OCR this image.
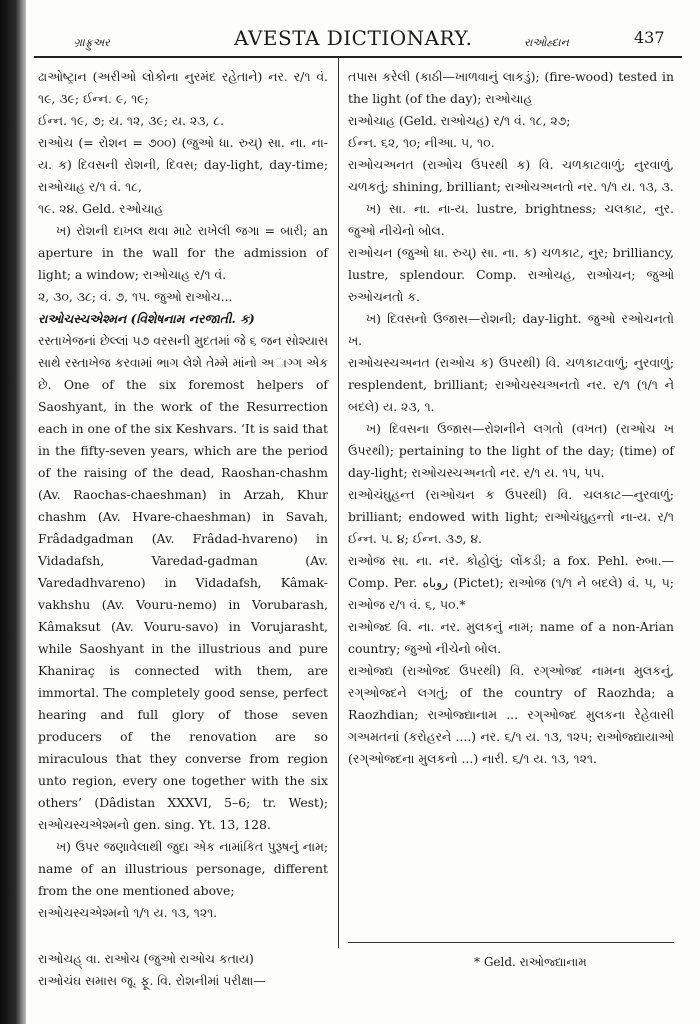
ગ્રાફ્રુઅર	AVESTA DICTIONARY.	રાઓહ્દાન	437

ઢાઓષ્ટ્રાન (અરીઓ લોકોના નુરમંદ રહેતાને) નર. ર/૧ વં. ૧૯, ૩૯; ઈન્ન. ૯, ૧૯;

ઈન્ન. ૧૯, ૭; ય. ૧૨, ૩૯; ય. ૨૩, ૮.

રાઓચ (= રોશન = ૭૦૦) (જુઓ ધા. રુચ્) સા. ના. ના-ય. ક) દિવસની રોશની, દિવસ; day-light, day-time; રાઓચાહ ર/૧ વં. ૧૮,

૧૯. ૨૪. Geld. રઓચાહ

ખ) રોશની દાખલ થવા માટે રાખેલી જગા = બારી; an aperture in the wall for the admission of light; a window; રાઓચાહ ર/૧ વં.

૨, ૩૦, ૩૮; વં. ૭, ૧૫. જુઓ રાઓચ...

રાઓચસ્ચએશ્મન (વિશેષનામ નરજાતી. ક)

રસ્તાખેજનાં છેલ્લાં ૫૭ વરસની મુદતમાં જે ૬ જન સોશ્યાસ સાથે રસ્તાખેજ કરવામાં ભાગ લેશે તેમ્મે માંનો અાગ્ગ એક છે. One of the six foremost helpers of Saoshyant, in the work of the Resurrection each in one of the six Keshvars. ‘It is said that in the fifty-seven years, which are the period of the raising of the dead, Raoshan-chashm (Av. Raochas-chaeshman) in Arzah, Khur chashm (Av. Hvare-chaeshman) in Savah, Frâdadgadman (Av. Frâdad-hvareno) in Vidadafsh, Varedad-gadman (Av. Varedadhvareno) in Vidadafsh, Kâmak-vakhshu (Av. Vouru-nemo) in Vorubarash, Kâmaksut (Av. Vouru-savo) in Vorujarasht, while Saoshyant in the illustrious and pure Khaniraç is connected with them, are immortal. The completely good sense, perfect hearing and full glory of those seven producers of the renovation are so miraculous that they converse from region unto region, every one together with the six others’ (Dâdistan XXXVI, 5–6; tr. West); રાઓચસ્ચએશ્મનો gen. sing. Yt. 13, 128.

ખ) ઉપર જણાવેલાથી જુદા એક નામાંકિત પુરૂષનું નામ; name of an illustrious personage, different from the one mentioned above;

રાઓચસ્ચએશ્મનો ૧/૧ ય. ૧૩, ૧૨૧.

રાઓચહ્ વા. રાઓચ (જુઓ રાઓચ કતાય)
રાઓચંઘ સમાસ જૂ. ફૂ. વિ. રોશનીમાં પરીક્ષા—

તપાસ કરેલી (કાઠી—ખાળવાનું લાકડું); (fire-wood) tested in the light (of the day); રાઓચાહ

રાઓચાહ (Geld. રાઓચહ) ર/૧ વં. ૧૮, ૨૭;

ઈન્ન. ૬૨, ૧૦; નીઆ. ૫, ૧૦.

રાઓચઅનત (રાઓચ ઉપરથી ક) વિ. ચળકાટવાળું; નુરવાળું, ચળકતું; shining, brilliant; રાઓચઅનતો નર. ૧/૧ ય. ૧૩, ૩.

ખ) સા. ના. ના-ય. lustre, brightness; ચલકાટ, નુર. જુઓ નીચેનો બોલ.

રાઓચન (જુઓ ધા. રુચ્) સા. ના. ક) ચળકાટ, નુર; brilliancy, lustre, splendour. Comp. રાઓચહ, રાઓચન; જુઓ રુઓચનતો ક.

ખ) દિવસનો ઉજાસ—રોશની; day-light. જુઓ રઓચનતો ખ.

રાઓચસ્ચઅનત (રાઓચ ક) ઉપરથી) વિ. ચળકાટવાળું; નુરવાળું; resplendent, brilliant; રાઓચસ્ચઅનતો નર. ર/૧ (૧/૧ ને બદલે) ય. ૨૩, ૧.

ખ) દિવસના ઉજાસ—રોશનીને લગતો (વખત) (રાઓચ ખ ઉપરથી); pertaining to the light of the day; (time) of day-light; રાઓચસ્ચઅનતો નર. ર/૧ ય. ૧૫, ૫૫.

રાઓચંઘુહન્ત (રાઓચન ક ઉપરથી) વિ. ચલકાટ—નુરવાળું; brilliant; endowed with light; રાઓચંઘુહન્તો ના-ય. ર/૧ ઈન્ન. ૫. ૪; ઈન્ન. ૩૭, ૪.

રાઓજ સા. ના. નર. કોહોલું; લોંકડી; a fox. Pehl. રુબા.— Comp. Per. روباه (Pictet); રાઓજ (૧/૧ ને બદલે) વં. ૫, ૫; રાઓજ ર/૧ વં. ૬, ૫૦.*

રાઓજ્દ વિ. ના. નર. મુલકનું નામ; name of a non-Arian country; જુઓ નીચેનો બોલ.

રાઓજ્દ્ય (રાઓજ્દ ઉપરથી) વિ. રગ્ઓજ્દ નામના મુલકનું, રગ્ઓજ્દને લગતું; of the country of Raozhda; a Raozhdian; રાઓજ્દ્યાનામ ... રગ્ઓજ્દ મુલકના રેહેવાસી ગઅમતનાં (કરોહરને ....) નર. ૬/૧ ય. ૧૩, ૧૨૫; રાઓજ્દ્યાયાઓ (રગ્ઓજ્દના મુલકનો ...) નારી. ૬/૧ ય. ૧૩, ૧૨૧.

* Geld. રાઓજ્દ્યાનામ
